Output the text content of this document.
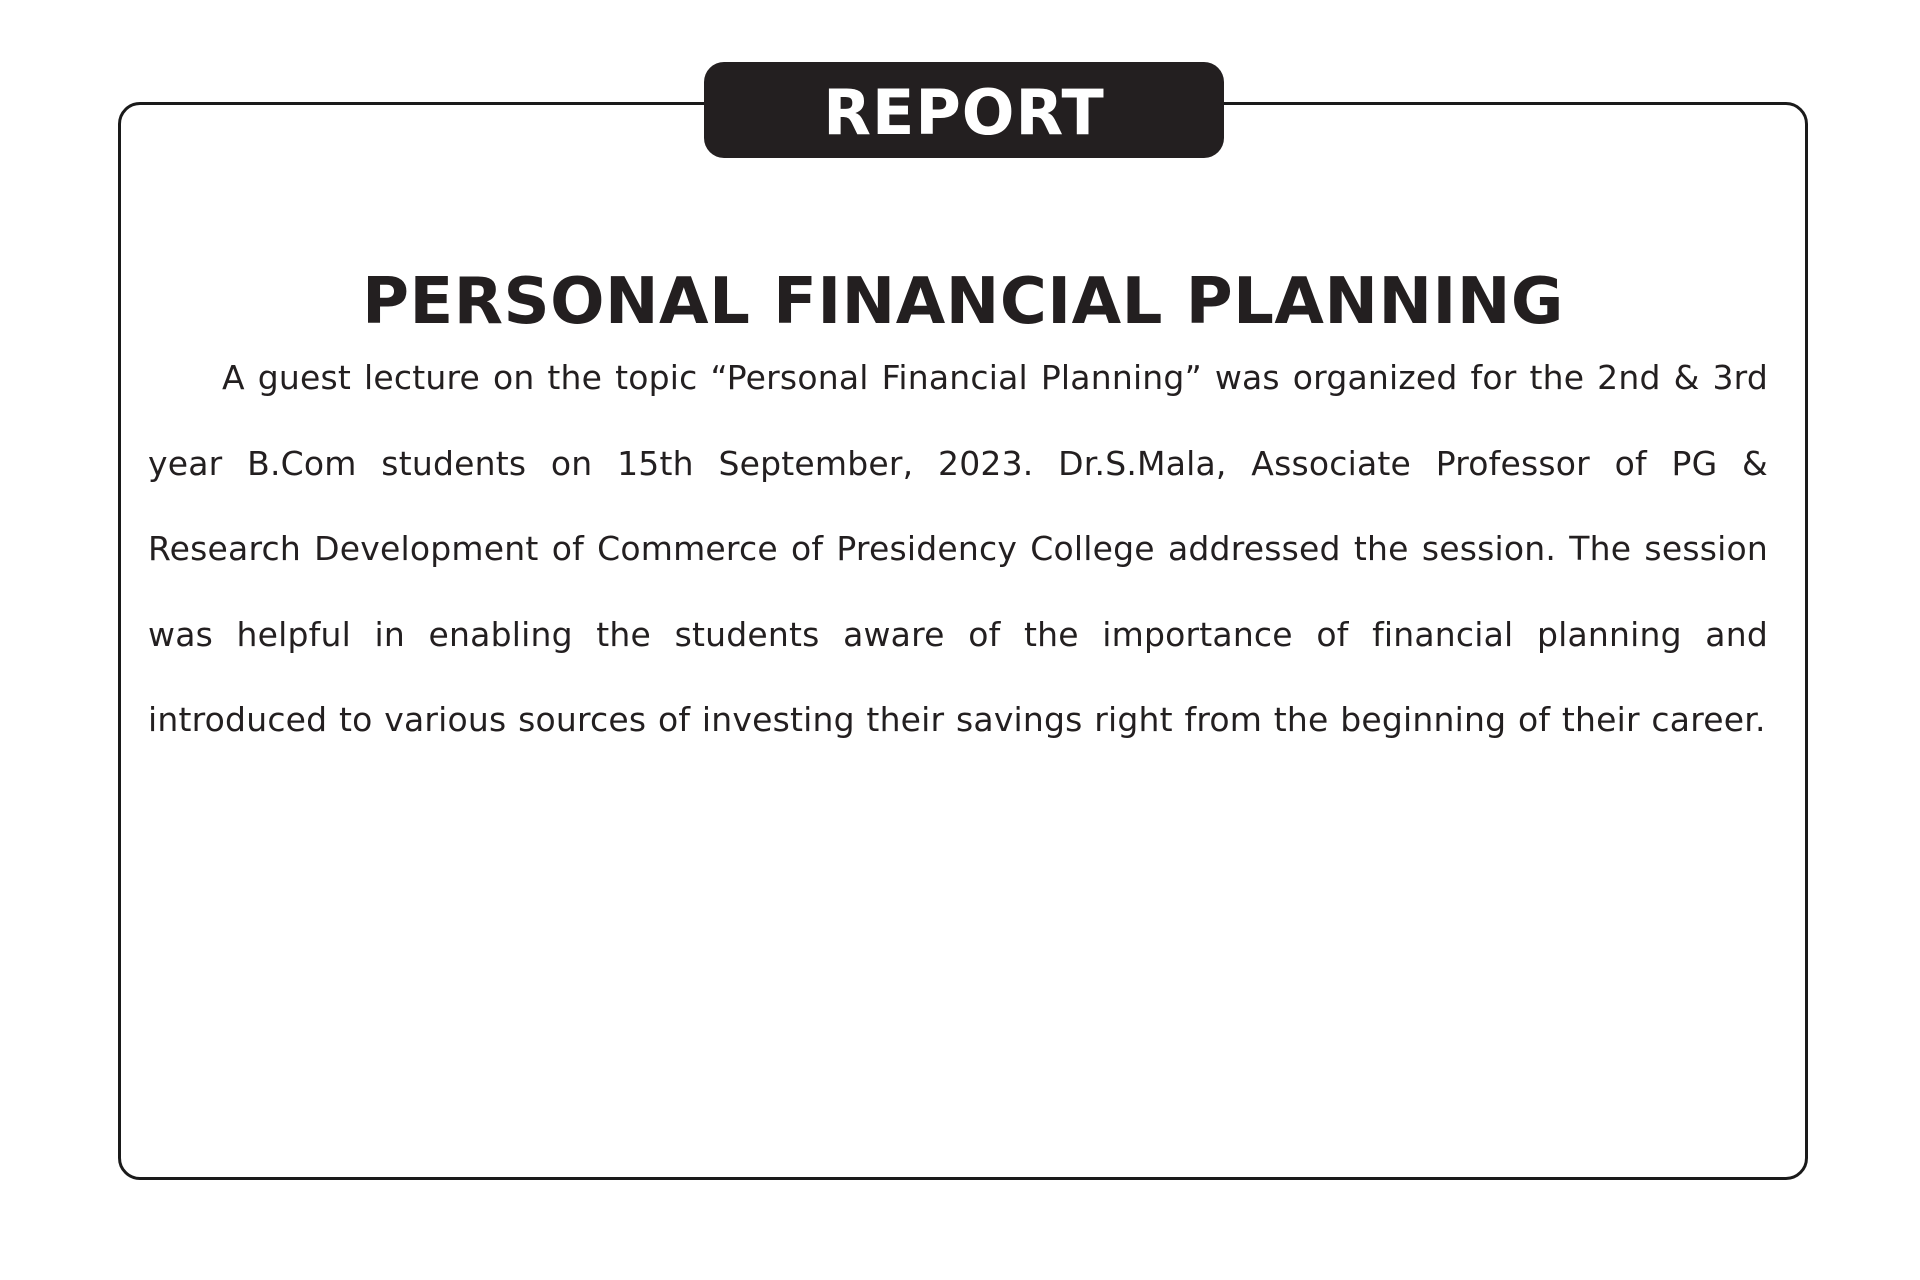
REPORT
PERSONAL FINANCIAL PLANNING

A guest lecture on the topic “Personal Financial Planning” was organized for the 2nd & 3rd year B.Com students on 15th September, 2023. Dr.S.Mala, Associate Professor of PG & Research Development of Commerce of Presidency College addressed the session. The session was helpful in enabling the students aware of the importance of financial planning and introduced to various sources of investing their savings right from the beginning of their career.
